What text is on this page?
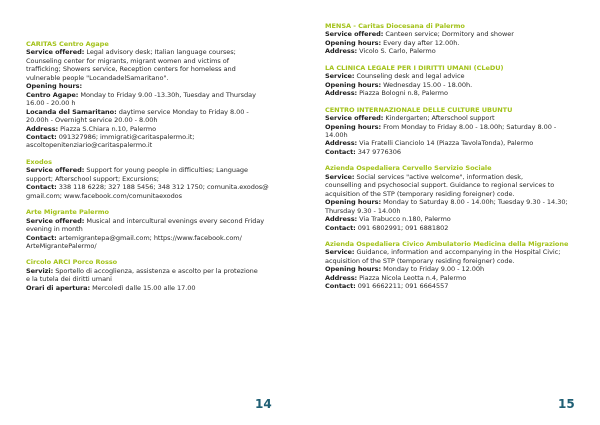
CARITAS Centro Agape
Service offered: Legal advisory desk; Italian language courses;
Counseling center for migrants, migrant women and victims of
trafficking; Showers service, Reception centers for homeless and
vulnerable people "LocandadelSamaritano".
Opening hours:
Centro Agape: Monday to Friday 9.00 -13.30h, Tuesday and Thursday
16.00 - 20.00 h
Locanda del Samaritano: daytime service Monday to Friday 8.00 -
20.00h - Overnight service 20.00 - 8.00h
Address: Piazza S.Chiara n.10, Palermo
Contact: 091327986; immigrati@caritaspalermo.it;
ascoltopenitenziario@caritaspalermo.it
Exodos
Service offered: Support for young people in difficulties; Language
support; Afterschool support; Excursions;
Contact: 338 118 6228; 327 188 5456; 348 312 1750; comunita.exodos@
gmail.com; www.facebook.com/comunitaexodos
Arte Migrante Palermo
Service offered: Musical and intercultural evenings every second Friday
evening in month
Contact: artemigrantepa@gmail.com; https://www.facebook.com/
ArteMigrantePalermo/
Circolo ARCI Porco Rosso
Servizi: Sportello di accoglienza, assistenza e ascolto per la protezione
e la tutela dei diritti umani
Orari di apertura: Mercoledì dalle 15.00 alle 17.00
14
MENSA - Caritas Diocesana di Palermo
Service offered: Canteen service; Dormitory and shower
Opening hours: Every day after 12.00h.
Address: Vicolo S. Carlo, Palermo
LA CLINICA LEGALE PER I DIRITTI UMANI (CLeDU)
Service: Counseling desk and legal advice
Opening hours: Wednesday 15.00 - 18.00h.
Address: Piazza Bologni n.8, Palermo
CENTRO INTERNAZIONALE DELLE CULTURE UBUNTU
Service offered: Kindergarten; Afterschool support
Opening hours: From Monday to Friday 8.00 - 18.00h; Saturday 8.00 -
14.00h
Address: Via Fratelli Cianciolo 14 (Piazza TavolaTonda), Palermo
Contact: 347 9776306
Azienda Ospedaliera Cervello Servizio Sociale
Service: Social services "active welcome", information desk,
counselling and psychosocial support. Guidance to regional services to
acquisition of the STP (temporary residing foreigner) code.
Opening hours: Monday to Saturday 8.00 - 14.00h; Tuesday 9.30 - 14.30;
Thursday 9.30 - 14.00h
Address: Via Trabucco n.180, Palermo
Contact: 091 6802991; 091 6881802
Azienda Ospedaliera Civico Ambulatorio Medicina della Migrazione
Service: Guidance, information and accompanying in the Hospital Civic;
acquisition of the STP (temporary residing foreigner) code.
Opening hours: Monday to Friday 9.00 - 12.00h
Address: Piazza Nicola Leotta n.4, Palermo
Contact: 091 6662211; 091 6664557
15
